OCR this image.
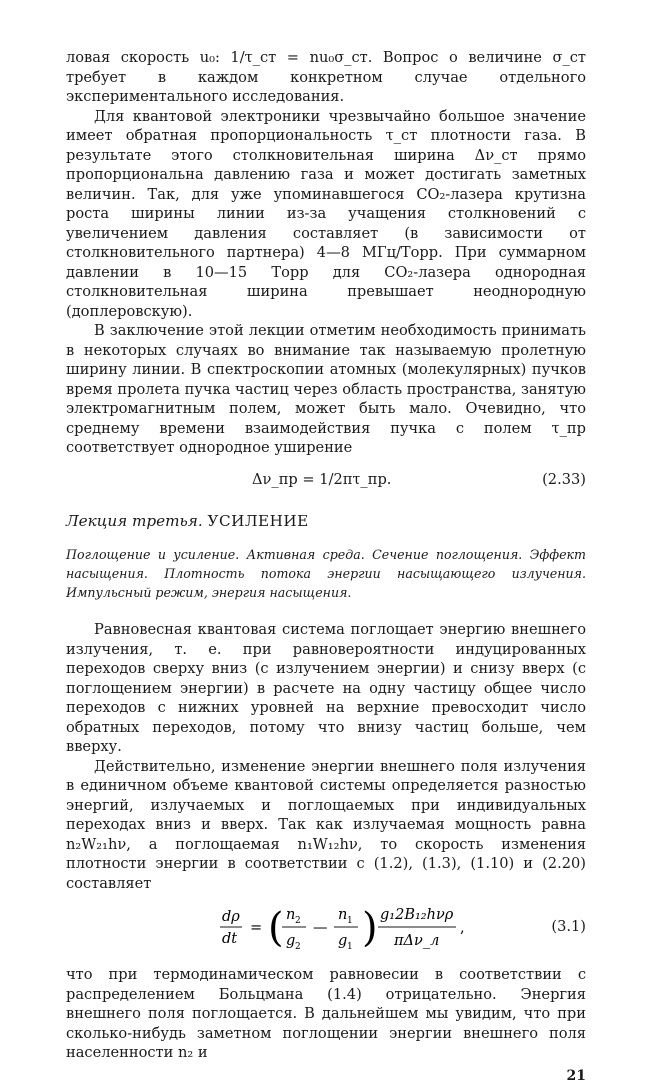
ловая скорость u₀: 1/τ_ст = nu₀σ_ст. Вопрос о величине σ_ст требует в каждом конкретном случае отдельного экспериментального исследования.

Для квантовой электроники чрезвычайно большое значение имеет обратная пропорциональность τ_ст плотности газа. В результате этого столкновительная ширина Δν_ст прямо пропорциональна давлению газа и может достигать заметных величин. Так, для уже упоминавшегося CO₂-лазера крутизна роста ширины линии из-за учащения столкновений с увеличением давления составляет (в зависимости от столкновительного партнера) 4—8 МГц/Торр. При суммарном давлении в 10—15 Торр для CO₂-лазера однородная столкновительная ширина превышает неоднородную (доплеровскую).

В заключение этой лекции отметим необходимость принимать в некоторых случаях во внимание так называемую пролетную ширину линии. В спектроскопии атомных (молекулярных) пучков время пролета пучка частиц через область пространства, занятую электромагнитным полем, может быть мало. Очевидно, что среднему времени взаимодействия пучка с полем τ_пр соответствует однородное уширение

Δν_пр = 1/2πτ_пр.	(2.33)
Лекция третья. УСИЛЕНИЕ

Поглощение и усиление. Активная среда. Сечение поглощения. Эффект насыщения. Плотность потока энергии насыщающего излучения. Импульсный режим, энергия насыщения.

Равновесная квантовая система поглощает энергию внешнего излучения, т. е. при равновероятности индуцированных переходов сверху вниз (с излучением энергии) и снизу вверх (с поглощением энергии) в расчете на одну частицу общее число переходов с нижних уровней на верхние превосходит число обратных переходов, потому что внизу частиц больше, чем вверху.

Действительно, изменение энергии внешнего поля излучения в единичном объеме квантовой системы определяется разностью энергий, излучаемых и поглощаемых при индивидуальных переходах вниз и вверх. Так как излучаемая мощность равна n₂W₂₁hν, а поглощаемая n₁W₁₂hν, то скорость изменения плотности энергии в соответствии с (1.2), (1.3), (1.10) и (2.20) составляет

dρ
dt
= ( n 2
g 2
—
n 1
g 1 ) g₁2B₁₂hνρ
πΔν_л
,	(3.1)

что при термодинамическом равновесии в соответствии с распределением Больцмана (1.4) отрицательно. Энергия внешнего поля поглощается. В дальнейшем мы увидим, что при сколько-нибудь заметном поглощении энергии внешнего поля населенности n₂ и

21
